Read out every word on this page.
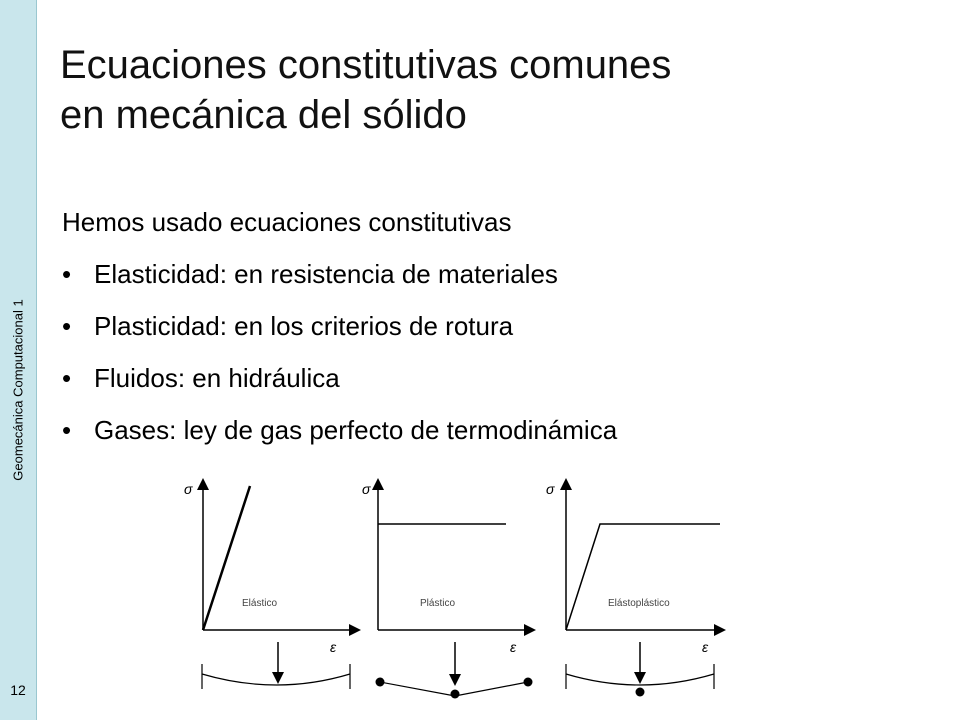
Geomecánica Computacional 1
12
Ecuaciones constitutivas comunes
en mecánica del sólido
Hemos usado ecuaciones constitutivas
• Elasticidad: en resistencia de materiales
• Plasticidad: en los criterios de rotura
• Fluidos: en hidráulica
• Gases: ley de gas perfecto de termodinámica
σ
Elástico
ε
σ
Plástico
ε
σ
Elástoplástico
ε
